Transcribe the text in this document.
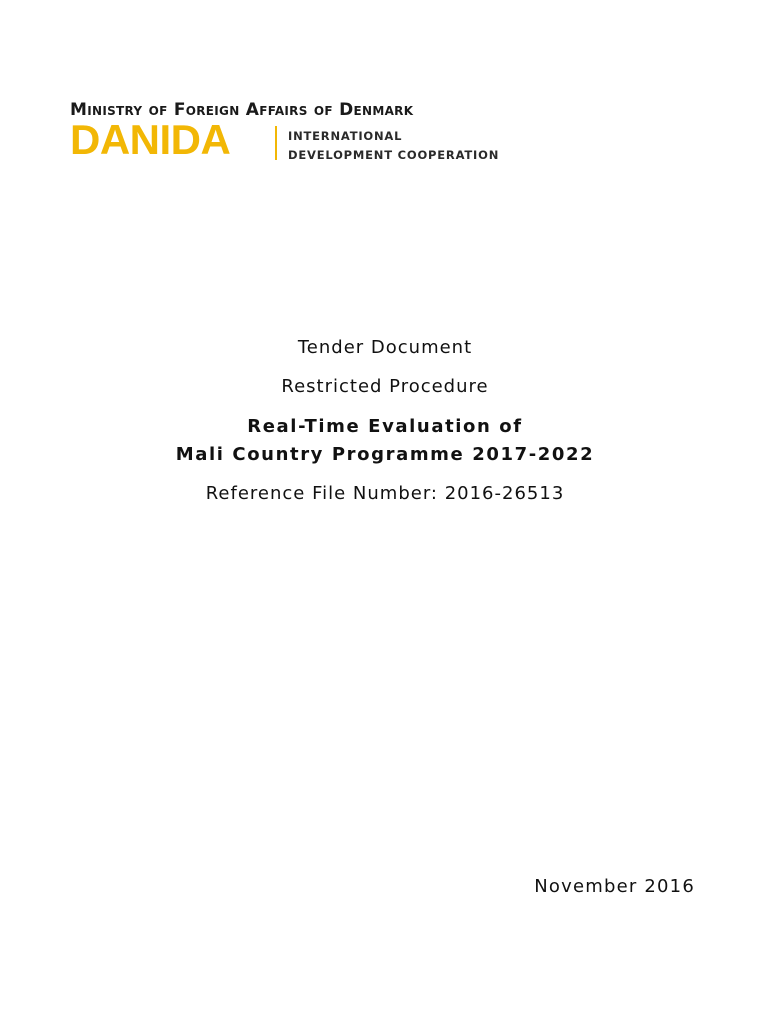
Ministry of Foreign Affairs of Denmark
DANIDA	INTERNATIONAL
DEVELOPMENT COOPERATION
Tender Document
Restricted Procedure
Real-Time Evaluation of
Mali Country Programme 2017-2022
Reference File Number: 2016-26513
November 2016
